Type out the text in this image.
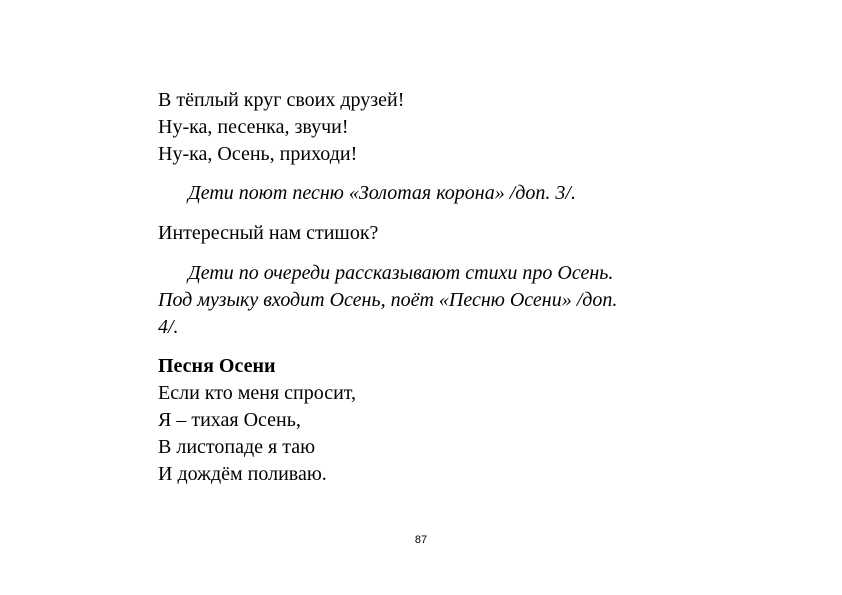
В тёплый круг своих друзей!
Ну-ка, песенка, звучи!
Ну-ка, Осень, приходи!
Дети поют песню «Золотая корона» /доп. 3/.
Интересный нам стишок?
Дети по очереди рассказывают стихи про Осень.
Под музыку входит Осень, поёт «Песню Осени» /доп.
4/.
Песня Осени
Если кто меня спросит,
Я – тихая Осень,
В листопаде я таю
И дождём поливаю.
87
